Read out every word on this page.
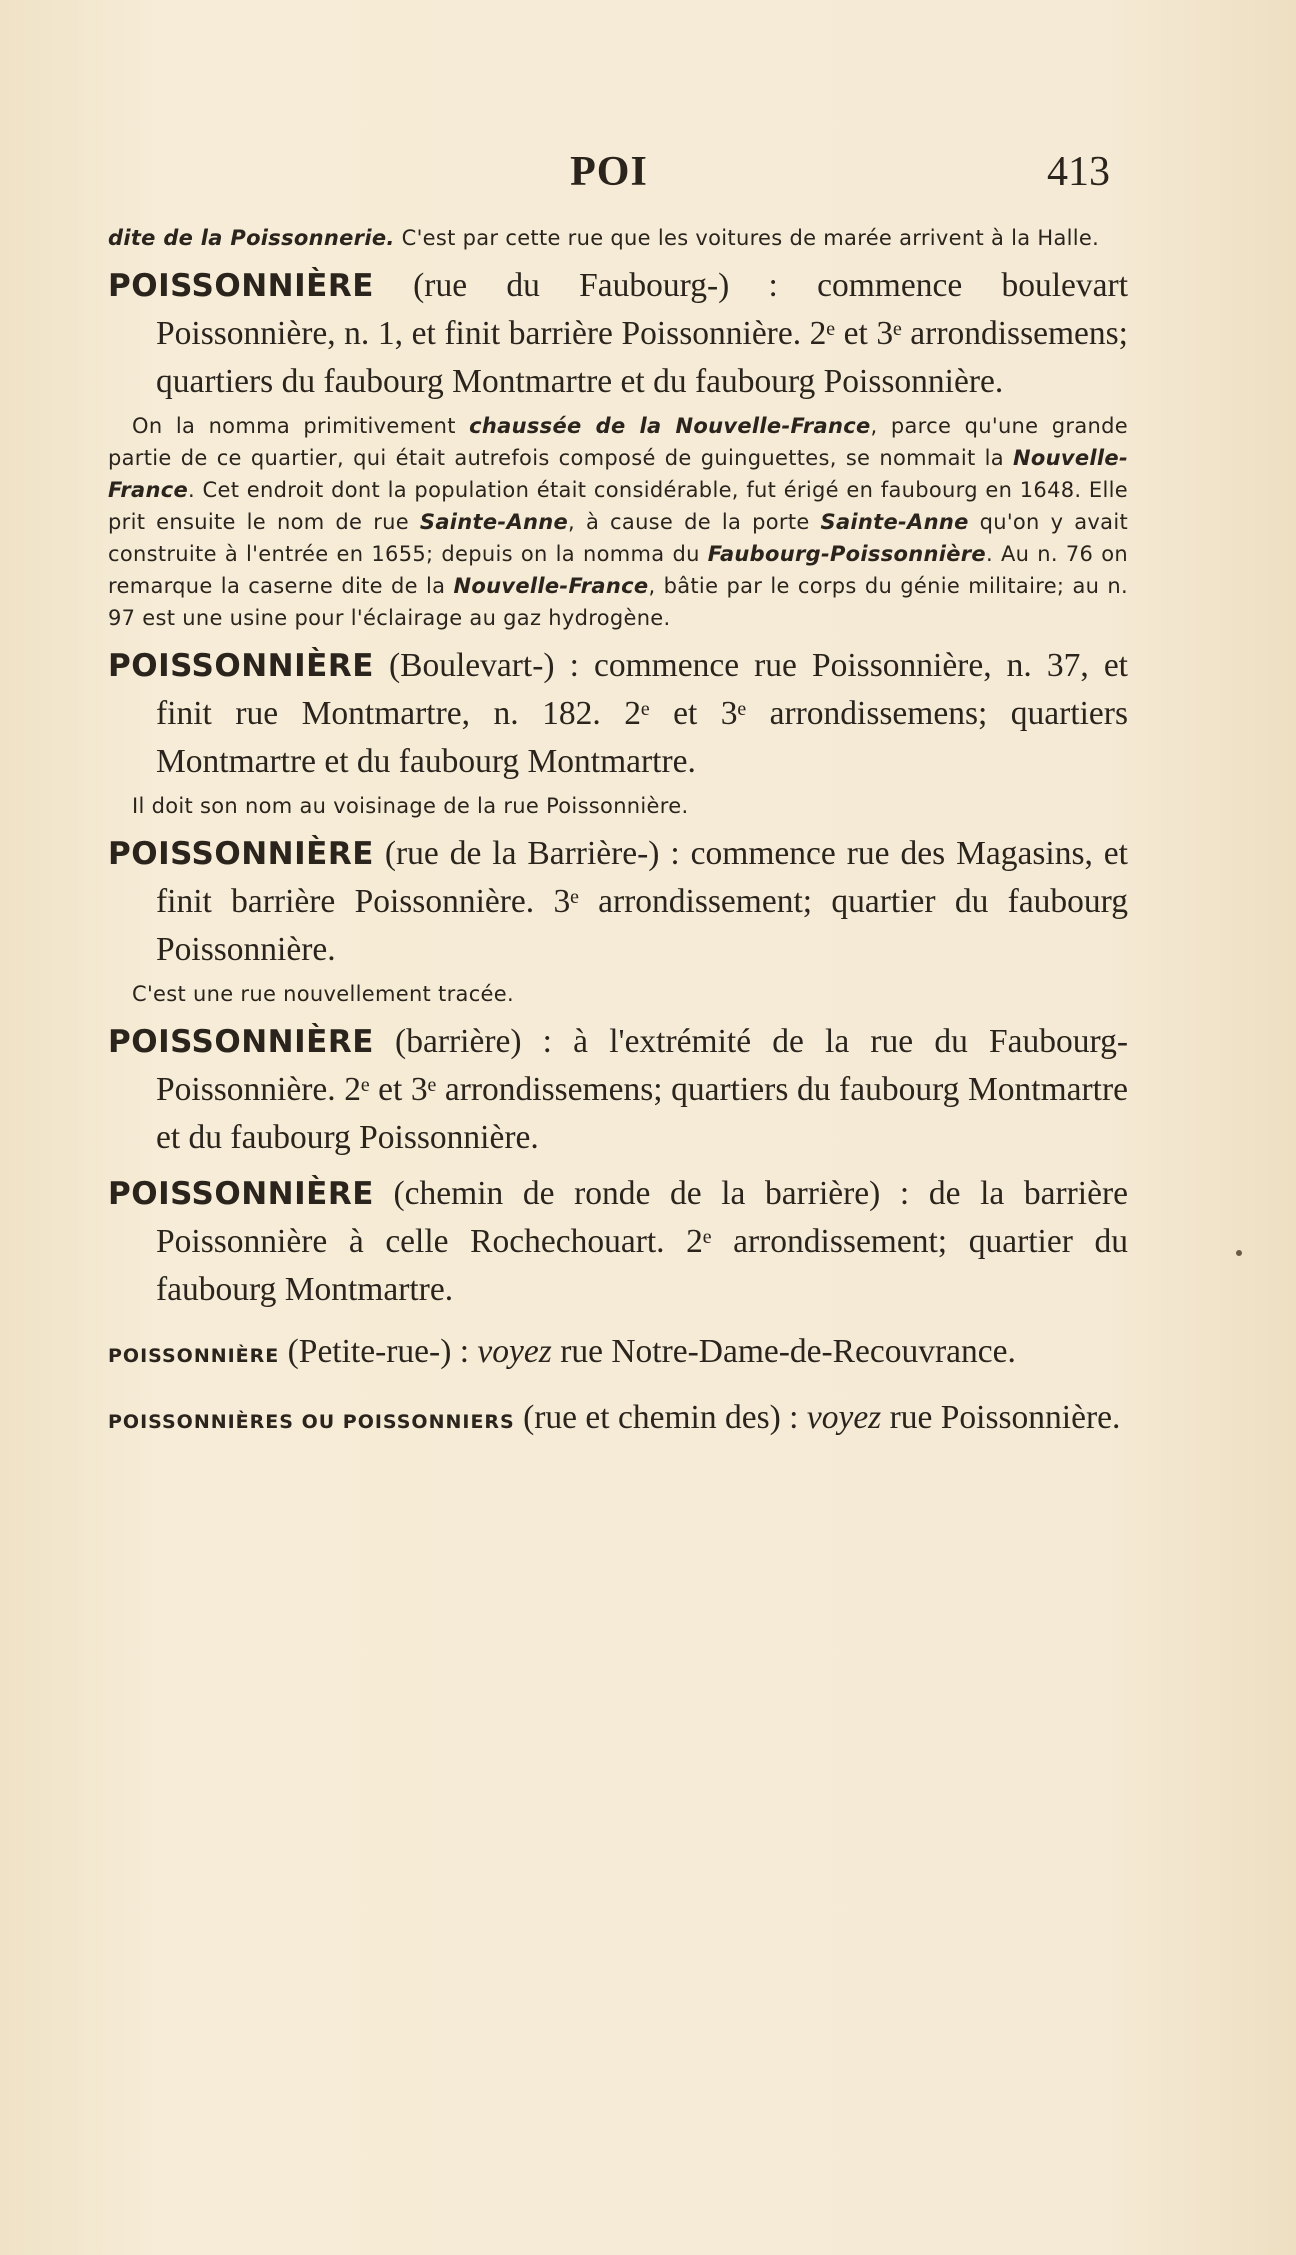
POI	413

dite de la Poissonnerie. C'est par cette rue que les voitures de marée arrivent à la Halle.

POISSONNIÈRE (rue du Faubourg-) : commence boulevart Poissonnière, n. 1, et finit barrière Poissonnière. 2ᵉ et 3ᵉ arrondissemens; quartiers du faubourg Montmartre et du faubourg Poissonnière.

On la nomma primitivement chaussée de la Nouvelle-France, parce qu'une grande partie de ce quartier, qui était autrefois composé de guinguettes, se nommait la Nouvelle-France. Cet endroit dont la population était considérable, fut érigé en faubourg en 1648. Elle prit ensuite le nom de rue Sainte-Anne, à cause de la porte Sainte-Anne qu'on y avait construite à l'entrée en 1655; depuis on la nomma du Faubourg-Poissonnière. Au n. 76 on remarque la caserne dite de la Nouvelle-France, bâtie par le corps du génie militaire; au n. 97 est une usine pour l'éclairage au gaz hydrogène.

POISSONNIÈRE (Boulevart-) : commence rue Poissonnière, n. 37, et finit rue Montmartre, n. 182. 2ᵉ et 3ᵉ arrondissemens; quartiers Montmartre et du faubourg Montmartre.

Il doit son nom au voisinage de la rue Poissonnière.

POISSONNIÈRE (rue de la Barrière-) : commence rue des Magasins, et finit barrière Poissonnière. 3ᵉ arrondissement; quartier du faubourg Poissonnière.

C'est une rue nouvellement tracée.

POISSONNIÈRE (barrière) : à l'extrémité de la rue du Faubourg-Poissonnière. 2ᵉ et 3ᵉ arrondissemens; quartiers du faubourg Montmartre et du faubourg Poissonnière.

POISSONNIÈRE (chemin de ronde de la barrière) : de la barrière Poissonnière à celle Rochechouart. 2ᵉ arrondissement; quartier du faubourg Montmartre.

POISSONNIÈRE (Petite-rue-) : voyez rue Notre-Dame-de-Recouvrance.

POISSONNIÈRES OU POISSONNIERS (rue et chemin des) : voyez rue Poissonnière.
